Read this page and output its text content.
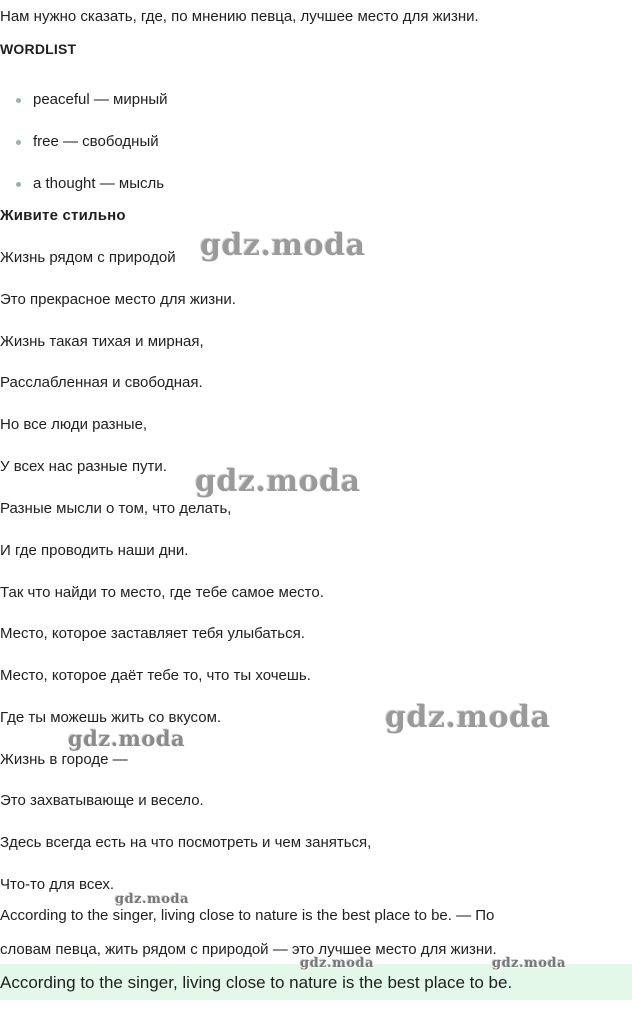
Нам нужно сказать, где, по мнению певца, лучшее место для жизни.
WORDLIST
peaceful — мирный
free — свободный
a thought — мысль
Живите стильно
Жизнь рядом с природой
Это прекрасное место для жизни.
Жизнь такая тихая и мирная,
Расслабленная и свободная.
Но все люди разные,
У всех нас разные пути.
Разные мысли о том, что делать,
И где проводить наши дни.
Так что найди то место, где тебе самое место.
Место, которое заставляет тебя улыбаться.
Место, которое даёт тебе то, что ты хочешь.
Где ты можешь жить со вкусом.
Жизнь в городе —
Это захватывающе и весело.
Здесь всегда есть на что посмотреть и чем заняться,
Что-то для всех.
According to the singer, living close to nature is the best place to be. — По
словам певца, жить рядом с природой — это лучшее место для жизни.
According to the singer, living close to nature is the best place to be.
gdz.moda
gdz.moda
gdz.moda
gdz.moda
gdz.moda
gdz.moda	gdz.moda
